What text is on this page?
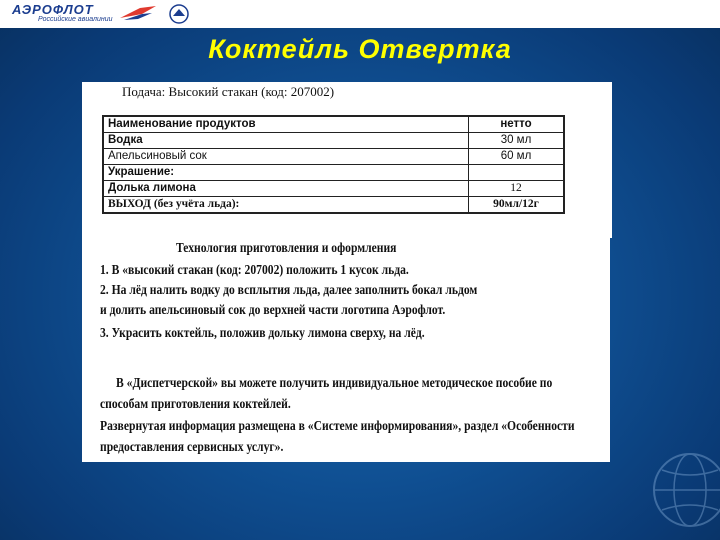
АЭРОФЛОТ
Российские авиалинии
Коктейль Отвертка
Подача: Высокий стакан (код: 207002)
Наименование продуктов	нетто
Водка	30 мл
Апельсиновый сок	60 мл
Украшение:	
Долька лимона	12
ВЫХОД (без учёта льда):	90мл/12г
Технология приготовления и оформления
1. В «высокий стакан (код: 207002) положить 1 кусок льда.
2. На лёд налить водку до всплытия льда, далее заполнить бокал льдом
и долить апельсиновый сок до верхней части логотипа Аэрофлот.
3. Украсить коктейль, положив дольку лимона сверху, на лёд.
В «Диспетчерской» вы можете получить индивидуальное методическое пособие по
способам приготовления коктейлей.
Развернутая информация размещена в «Системе информирования», раздел «Особенности
предоставления сервисных услуг».
